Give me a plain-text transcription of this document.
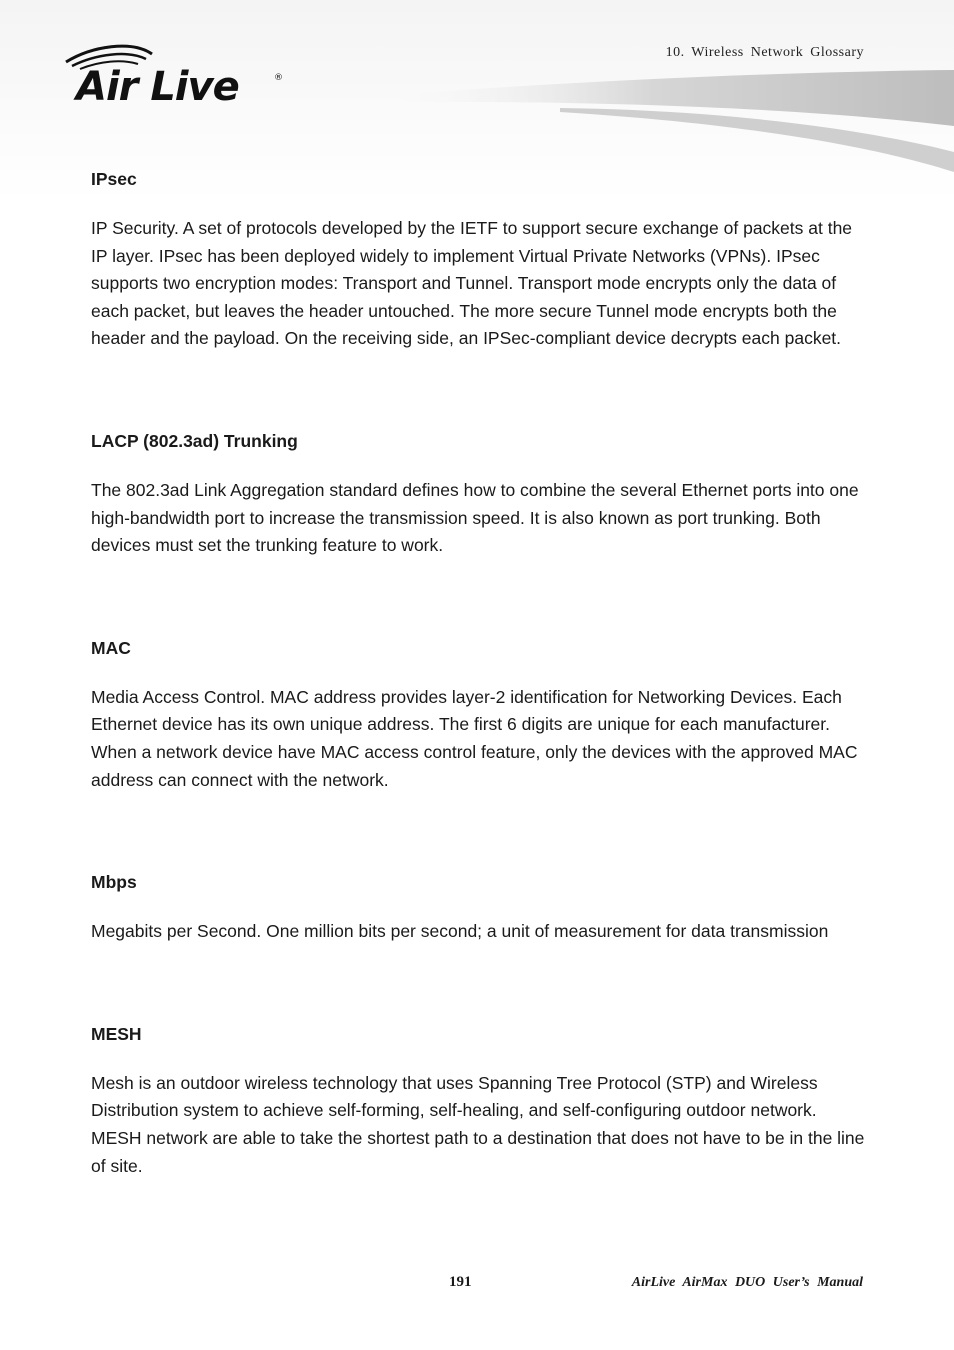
Air Live	®
10. Wireless Network Glossary

IPsec

IP Security. A set of protocols developed by the IETF to support secure exchange of packets at the IP layer. IPsec has been deployed widely to implement Virtual Private Networks (VPNs). IPsec supports two encryption modes: Transport and Tunnel. Transport mode encrypts only the data of each packet, but leaves the header untouched. The more secure Tunnel mode encrypts both the header and the payload. On the receiving side, an IPSec-compliant device decrypts each packet.

LACP (802.3ad) Trunking

The 802.3ad Link Aggregation standard defines how to combine the several Ethernet ports into one high-bandwidth port to increase the transmission speed. It is also known as port trunking. Both devices must set the trunking feature to work.

MAC

Media Access Control. MAC address provides layer-2 identification for Networking Devices. Each Ethernet device has its own unique address. The first 6 digits are unique for each manufacturer. When a network device have MAC access control feature, only the devices with the approved MAC address can connect with the network.

Mbps

Megabits per Second. One million bits per second; a unit of measurement for data transmission

MESH

Mesh is an outdoor wireless technology that uses Spanning Tree Protocol (STP) and Wireless Distribution system to achieve self-forming, self-healing, and self-configuring outdoor network. MESH network are able to take the shortest path to a destination that does not have to be in the line of site.

191	AirLive AirMax DUO User’s Manual
